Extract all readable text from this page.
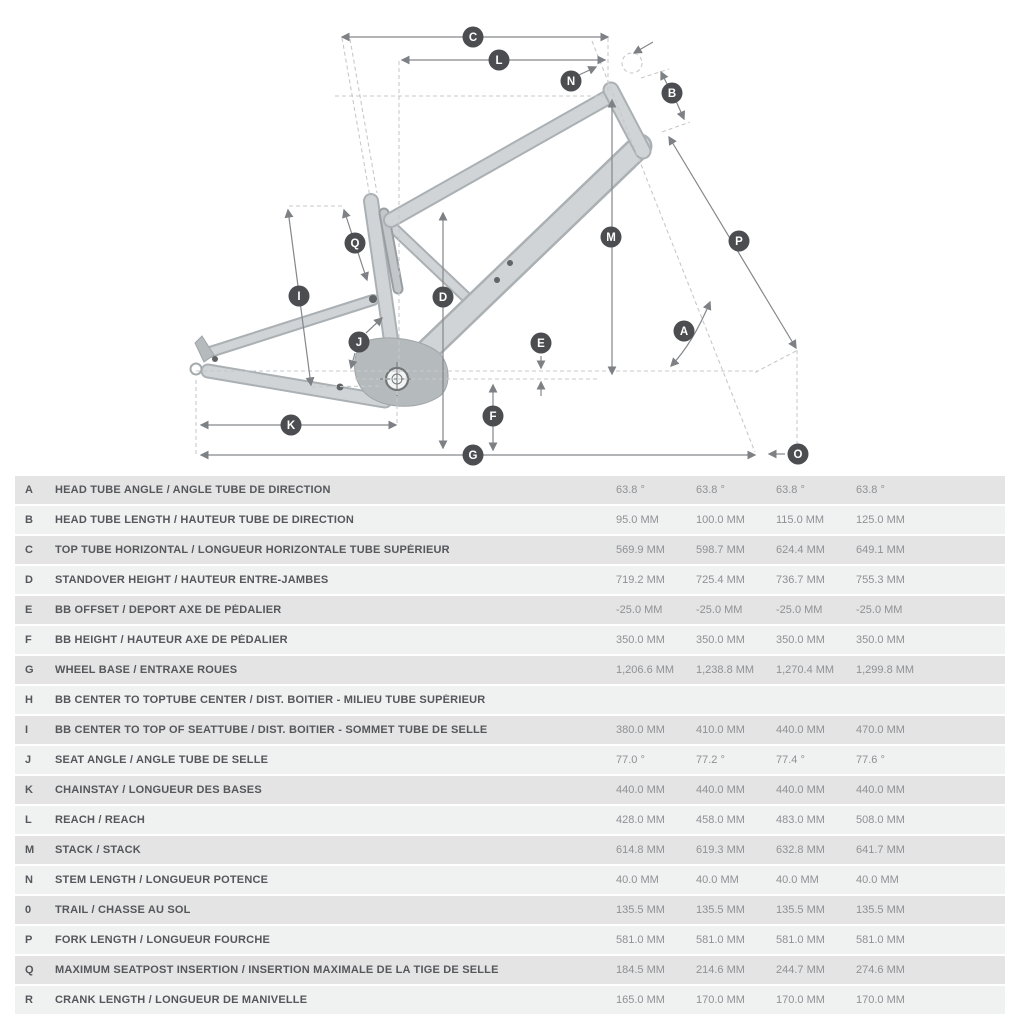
A
B
C
D
E
F
G
I
J
K
L
M
N
O
P
Q
A	HEAD TUBE ANGLE / ANGLE TUBE DE DIRECTION	63.8 °	63.8 °	63.8 °	63.8 °
B	HEAD TUBE LENGTH / HAUTEUR TUBE DE DIRECTION	95.0 MM	100.0 MM	115.0 MM	125.0 MM
C	TOP TUBE HORIZONTAL / LONGUEUR HORIZONTALE TUBE SUPÉRIEUR	569.9 MM	598.7 MM	624.4 MM	649.1 MM
D	STANDOVER HEIGHT / HAUTEUR ENTRE-JAMBES	719.2 MM	725.4 MM	736.7 MM	755.3 MM
E	BB OFFSET / DEPORT AXE DE PÉDALIER	-25.0 MM	-25.0 MM	-25.0 MM	-25.0 MM
F	BB HEIGHT / HAUTEUR AXE DE PÉDALIER	350.0 MM	350.0 MM	350.0 MM	350.0 MM
G	WHEEL BASE / ENTRAXE ROUES	1,206.6 MM	1,238.8 MM	1,270.4 MM	1,299.8 MM
H	BB CENTER TO TOPTUBE CENTER / DIST. BOITIER - MILIEU TUBE SUPÉRIEUR
I	BB CENTER TO TOP OF SEATTUBE / DIST. BOITIER - SOMMET TUBE DE SELLE	380.0 MM	410.0 MM	440.0 MM	470.0 MM
J	SEAT ANGLE / ANGLE TUBE DE SELLE	77.0 °	77.2 °	77.4 °	77.6 °
K	CHAINSTAY / LONGUEUR DES BASES	440.0 MM	440.0 MM	440.0 MM	440.0 MM
L	REACH / REACH	428.0 MM	458.0 MM	483.0 MM	508.0 MM
M	STACK / STACK	614.8 MM	619.3 MM	632.8 MM	641.7 MM
N	STEM LENGTH / LONGUEUR POTENCE	40.0 MM	40.0 MM	40.0 MM	40.0 MM
0	TRAIL / CHASSE AU SOL	135.5 MM	135.5 MM	135.5 MM	135.5 MM
P	FORK LENGTH / LONGUEUR FOURCHE	581.0 MM	581.0 MM	581.0 MM	581.0 MM
Q	MAXIMUM SEATPOST INSERTION / INSERTION MAXIMALE DE LA TIGE DE SELLE	184.5 MM	214.6 MM	244.7 MM	274.6 MM
R	CRANK LENGTH / LONGUEUR DE MANIVELLE	165.0 MM	170.0 MM	170.0 MM	170.0 MM
